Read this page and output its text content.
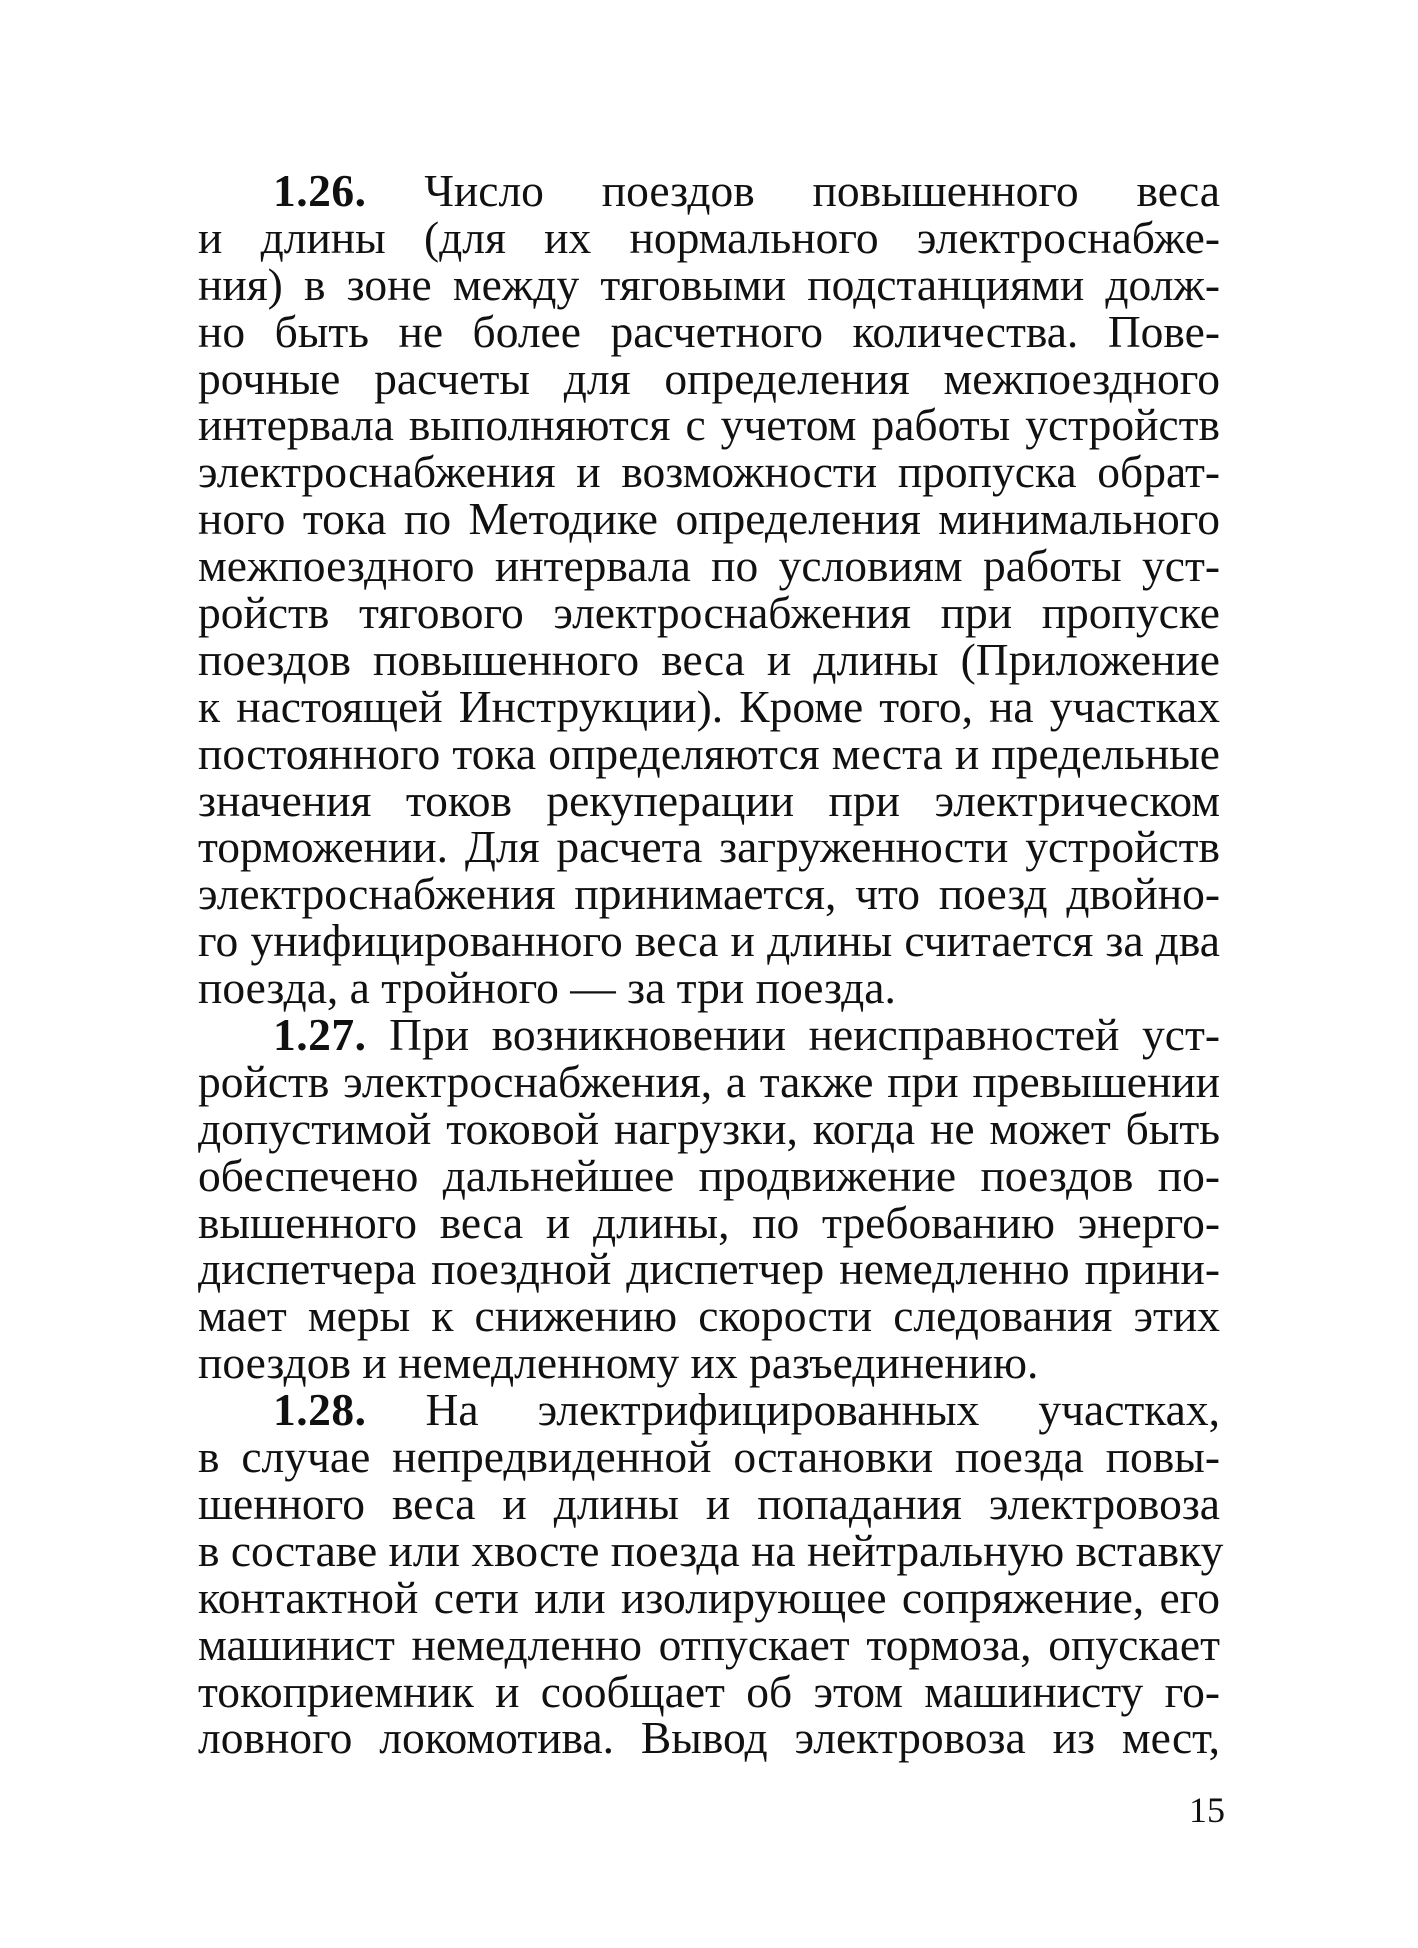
1.26. Число поездов повышенного веса
и длины (для их нормального электроснабже-
ния) в зоне между тяговыми подстанциями долж-
но быть не более расчетного количества. Пове-
рочные расчеты для определения межпоездного
интервала выполняются с учетом работы устройств
электроснабжения и возможности пропуска обрат-
ного тока по Методике определения минимального
межпоездного интервала по условиям работы уст-
ройств тягового электроснабжения при пропуске
поездов повышенного веса и длины (Приложение
к настоящей Инструкции). Кроме того, на участках
постоянного тока определяются места и предельные
значения токов рекуперации при электрическом
торможении. Для расчета загруженности устройств
электроснабжения принимается, что поезд двойно-
го унифицированного веса и длины считается за два
поезда, а тройного — за три поезда.
1.27. При возникновении неисправностей уст-
ройств электроснабжения, а также при превышении
допустимой токовой нагрузки, когда не может быть
обеспечено дальнейшее продвижение поездов по-
вышенного веса и длины, по требованию энерго-
диспетчера поездной диспетчер немедленно прини-
мает меры к снижению скорости следования этих
поездов и немедленному их разъединению.
1.28. На электрифицированных участках,
в случае непредвиденной остановки поезда повы-
шенного веса и длины и попадания электровоза
в составе или хвосте поезда на нейтральную вставку
контактной сети или изолирующее сопряжение, его
машинист немедленно отпускает тормоза, опускает
токоприемник и сообщает об этом машинисту го-
ловного локомотива. Вывод электровоза из мест,
15
